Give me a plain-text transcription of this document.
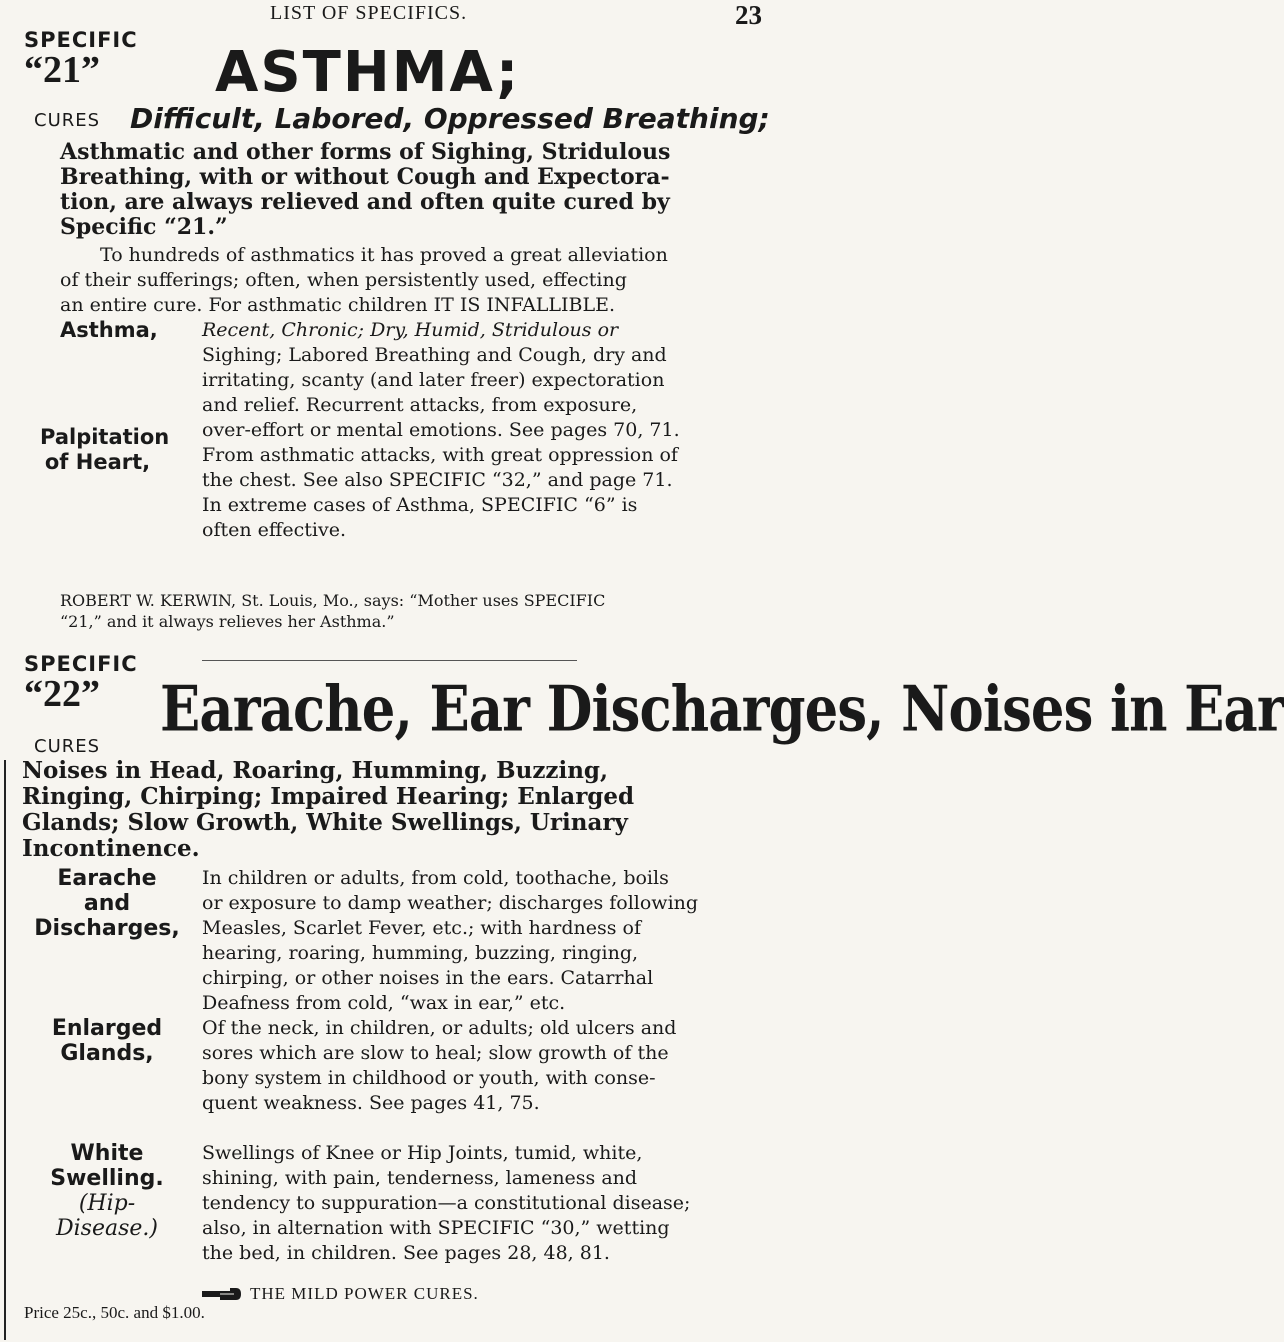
LIST OF SPECIFICS.	23
SPECIFIC
“21”
CURES
ASTHMA;
Difficult, Labored, Oppressed Breathing;
Asthmatic and other forms of Sighing, Stridulous
Breathing, with or without Cough and Expectora-
tion, are always relieved and often quite cured by
Specific “21.”
To hundreds of asthmatics it has proved a great alleviation
of their sufferings; often, when persistently used, effecting
an entire cure. For asthmatic children IT IS INFALLIBLE.
Asthma,
Palpitation of Heart,
Recent, Chronic; Dry, Humid, Stridulous or
Sighing; Labored Breathing and Cough, dry and
irritating, scanty (and later freer) expectoration
and relief. Recurrent attacks, from exposure,
over-effort or mental emotions. See pages 70, 71.
From asthmatic attacks, with great oppression of
the chest. See also SPECIFIC “32,” and page 71.
In extreme cases of Asthma, SPECIFIC “6” is
often effective.
ROBERT W. KERWIN, St. Louis, Mo., says: “Mother uses SPECIFIC
“21,” and it always relieves her Asthma.”
SPECIFIC
“22”
CURES
Earache, Ear Discharges, Noises in Ear
Noises in Head, Roaring, Humming, Buzzing,
Ringing, Chirping; Impaired Hearing; Enlarged
Glands; Slow Growth, White Swellings, Urinary
Incontinence.
Earache
and
Discharges,
In children or adults, from cold, toothache, boils
or exposure to damp weather; discharges following
Measles, Scarlet Fever, etc.; with hardness of
hearing, roaring, humming, buzzing, ringing,
chirping, or other noises in the ears. Catarrhal
Deafness from cold, “wax in ear,” etc.
Enlarged
Glands,
Of the neck, in children, or adults; old ulcers and
sores which are slow to heal; slow growth of the
bony system in childhood or youth, with conse-
quent weakness. See pages 41, 75.
White
Swelling.
(Hip-
Disease.)
Swellings of Knee or Hip Joints, tumid, white,
shining, with pain, tenderness, lameness and
tendency to suppuration—a constitutional disease;
also, in alternation with SPECIFIC “30,” wetting
the bed, in children. See pages 28, 48, 81.
THE MILD POWER CURES.
Price 25c., 50c. and $1.00.
